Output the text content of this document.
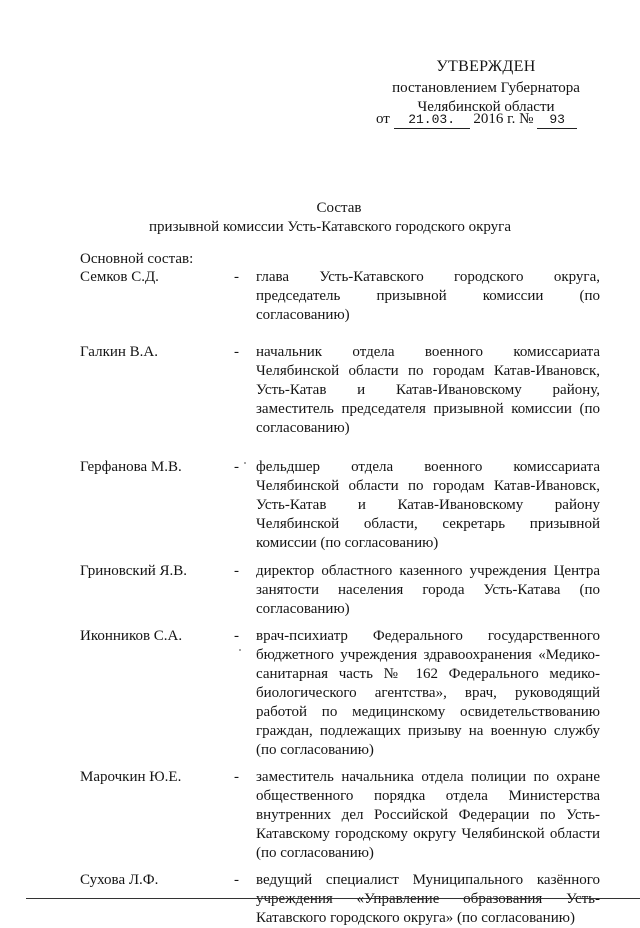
УТВЕРЖДЕН
постановлением Губернатора
Челябинской области
от 21.03. 2016 г. № 93
Состав
призывной комиссии Усть-Катавского городского округа
Основной состав:
Семков С.Д.	- глава Усть-Катавского городского округа, председатель призывной комиссии (по согласованию)
Галкин В.А.	- начальник отдела военного комиссариата Челябинской области по городам Катав-Ивановск, Усть-Катав и Катав-Ивановскому району, заместитель председателя призывной комиссии (по согласованию)
Герфанова М.В.	- фельдшер отдела военного комиссариата Челябинской области по городам Катав-Ивановск, Усть-Катав и Катав-Ивановскому району Челябинской области, секретарь призывной комиссии (по согласованию)
Гриновский Я.В.	- директор областного казенного учреждения Центра занятости населения города Усть-Катава (по согласованию)
Иконников С.А.	- врач-психиатр Федерального государственного бюджетного учреждения здравоохранения «Медико-санитарная часть № 162 Федерального медико-биологического агентства», врач, руководящий работой по медицинскому освидетельствованию граждан, подлежащих призыву на военную службу (по согласованию)
Марочкин Ю.Е.	- заместитель начальника отдела полиции по охране общественного порядка отдела Министерства внутренних дел Российской Федерации по Усть-Катавскому городскому округу Челябинской области (по согласованию)
Сухова Л.Ф.	- ведущий специалист Муниципального казённого учреждения «Управление образования Усть-Катавского городского округа» (по согласованию)
